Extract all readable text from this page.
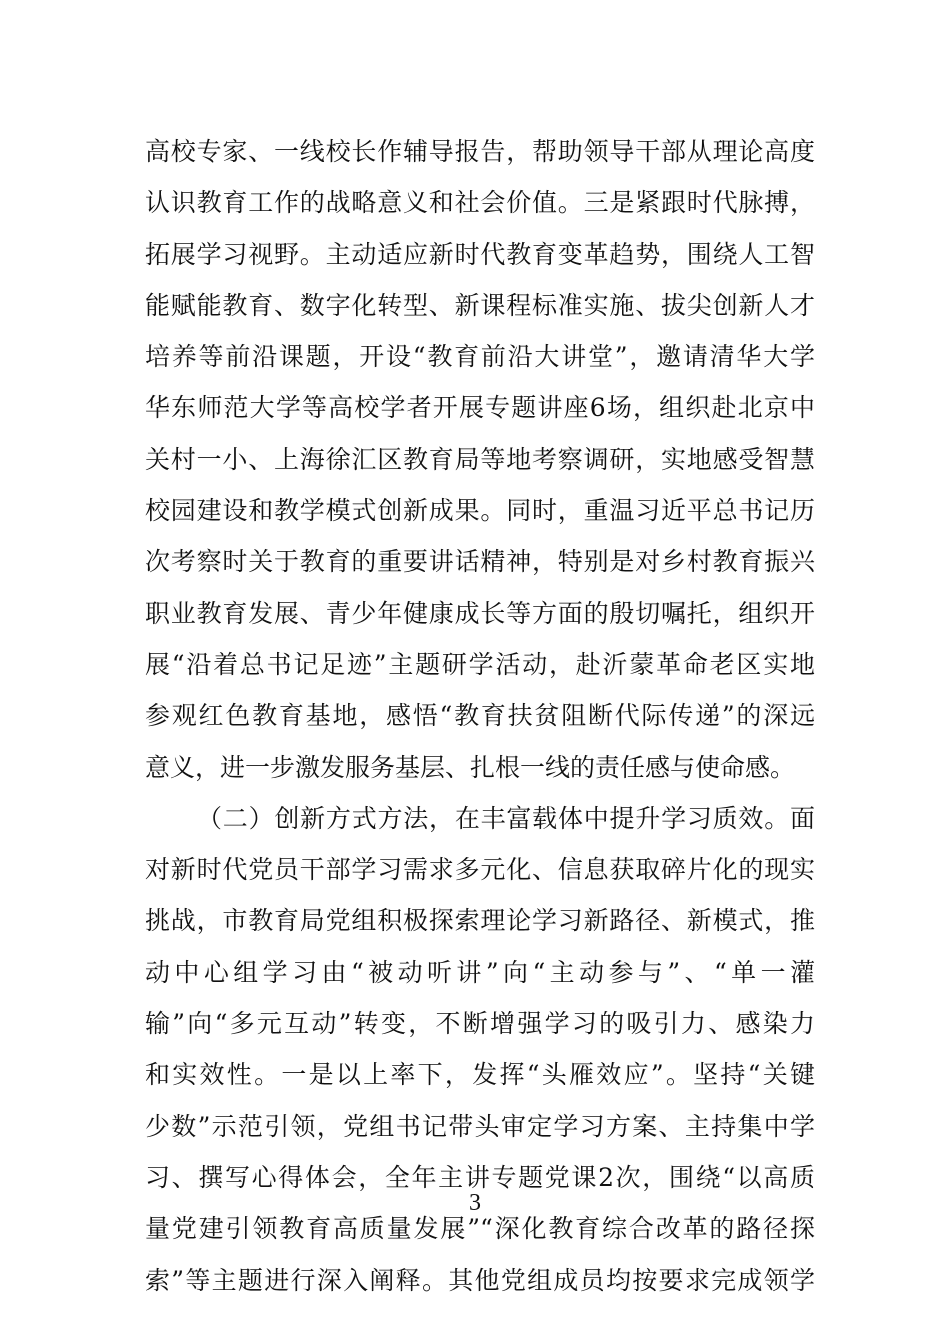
高校专家、一线校长作辅导报告，帮助领导干部从理论高度
认识教育工作的战略意义和社会价值。三是紧跟时代脉搏，
拓展学习视野。主动适应新时代教育变革趋势，围绕人工智
能赋能教育、数字化转型、新课程标准实施、拔尖创新人才
培养等前沿课题，开设“教育前沿大讲堂”，邀请清华大学
华东师范大学等高校学者开展专题讲座6场，组织赴北京中
关村一小、上海徐汇区教育局等地考察调研，实地感受智慧
校园建设和教学模式创新成果。同时，重温习近平总书记历
次考察时关于教育的重要讲话精神，特别是对乡村教育振兴
职业教育发展、青少年健康成长等方面的殷切嘱托，组织开
展“沿着总书记足迹”主题研学活动，赴沂蒙革命老区实地
参观红色教育基地，感悟“教育扶贫阻断代际传递”的深远
意义，进一步激发服务基层、扎根一线的责任感与使命感。
（二）创新方式方法，在丰富载体中提升学习质效。面
对新时代党员干部学习需求多元化、信息获取碎片化的现实
挑战，市教育局党组积极探索理论学习新路径、新模式，推
动中心组学习由“被动听讲”向“主动参与”、“单一灌
输”向“多元互动”转变，不断增强学习的吸引力、感染力
和实效性。一是以上率下，发挥“头雁效应”。坚持“关键
少数”示范引领，党组书记带头审定学习方案、主持集中学
习、撰写心得体会，全年主讲专题党课2次，围绕“以高质
量党建引领教育高质量发展”“深化教育综合改革的路径探
索”等主题进行深入阐释。其他党组成员均按要求完成领学
3
